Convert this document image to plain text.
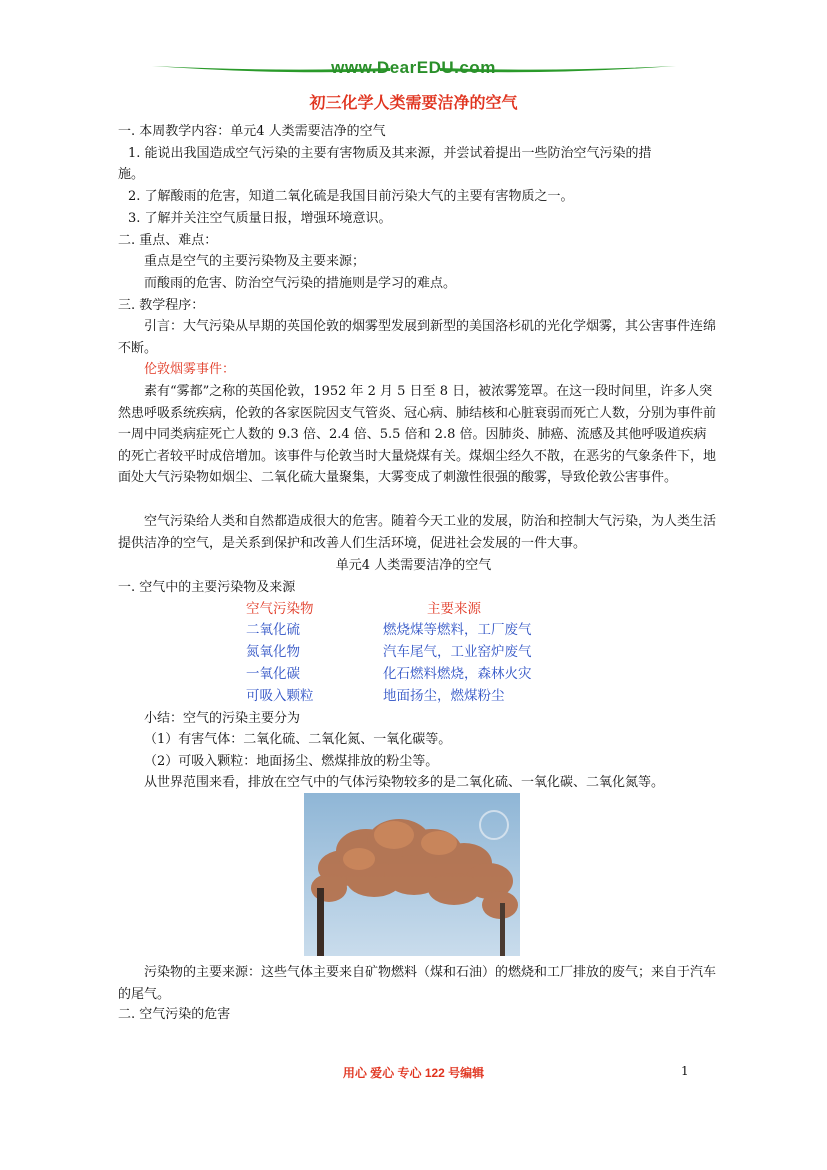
www.DearEDU.com
初三化学人类需要洁净的空气
一. 本周教学内容：单元4 人类需要洁净的空气
1. 能说出我国造成空气污染的主要有害物质及其来源，并尝试着提出一些防治空气污染的措
施。
2. 了解酸雨的危害，知道二氧化硫是我国目前污染大气的主要有害物质之一。
3. 了解并关注空气质量日报，增强环境意识。
二. 重点、难点：
重点是空气的主要污染物及主要来源；
而酸雨的危害、防治空气污染的措施则是学习的难点。
三. 教学程序：
引言：大气污染从早期的英国伦敦的烟雾型发展到新型的美国洛杉矶的光化学烟雾，其公害事件连绵不断。
伦敦烟雾事件：
素有“雾都”之称的英国伦敦，1952 年 2 月 5 日至 8 日，被浓雾笼罩。在这一段时间里，许多人突然患呼吸系统疾病，伦敦的各家医院因支气管炎、冠心病、肺结核和心脏衰弱而死亡人数，分别为事件前一周中同类病症死亡人数的 9.3 倍、2.4 倍、5.5 倍和 2.8 倍。因肺炎、肺癌、流感及其他呼吸道疾病的死亡者较平时成倍增加。该事件与伦敦当时大量烧煤有关。煤烟尘经久不散，在恶劣的气象条件下，地面处大气污染物如烟尘、二氧化硫大量聚集，大雾变成了刺激性很强的酸雾，导致伦敦公害事件。
空气污染给人类和自然都造成很大的危害。随着今天工业的发展，防治和控制大气污染，为人类生活提供洁净的空气，是关系到保护和改善人们生活环境，促进社会发展的一件大事。
单元4 人类需要洁净的空气
一. 空气中的主要污染物及来源
空气污染物	主要来源
二氧化硫	燃烧煤等燃料，工厂废气
氮氧化物	汽车尾气，工业窑炉废气
一氧化碳	化石燃料燃烧，森林火灾
可吸入颗粒	地面扬尘，燃煤粉尘
小结：空气的污染主要分为
（1）有害气体：二氧化硫、二氧化氮、一氧化碳等。
（2）可吸入颗粒：地面扬尘、燃煤排放的粉尘等。
从世界范围来看，排放在空气中的气体污染物较多的是二氧化硫、一氧化碳、二氧化氮等。
污染物的主要来源：这些气体主要来自矿物燃料（煤和石油）的燃烧和工厂排放的废气；来自于汽车的尾气。
二. 空气污染的危害
用心 爱心 专心 122 号编辑	1
